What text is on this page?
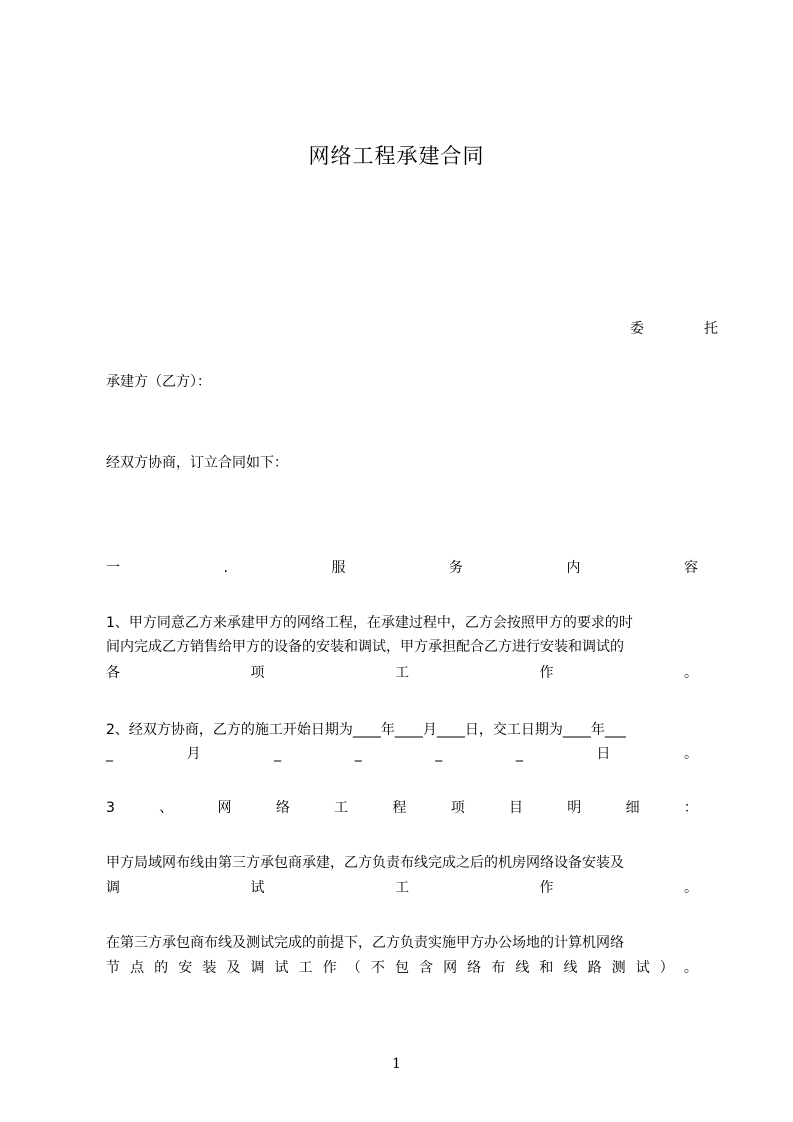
网络工程承建合同
委	托
承建方（乙方）：
经双方协商，订立合同如下：
一	.	服	务	内	容
1、甲方同意乙方来承建甲方的网络工程，在承建过程中，乙方会按照甲方的要求的时
间内完成乙方销售给甲方的设备的安装和调试，甲方承担配合乙方进行安装和调试的
各	项	工	作	。
2、经双方协商，乙方的施工开始日期为____年____月____日，交工日期为____年___
_	月	_	_	_	_	日	。
3	、	网	络	工	程	项	目	明	细	：
甲方局域网布线由第三方承包商承建，乙方负责布线完成之后的机房网络设备安装及
调	试	工	作	。
在第三方承包商布线及测试完成的前提下，乙方负责实施甲方办公场地的计算机网络
节 点 的 安 装 及 调 试 工 作 （ 不 包 含 网 络 布 线 和 线 路 测 试 ） 。
1
